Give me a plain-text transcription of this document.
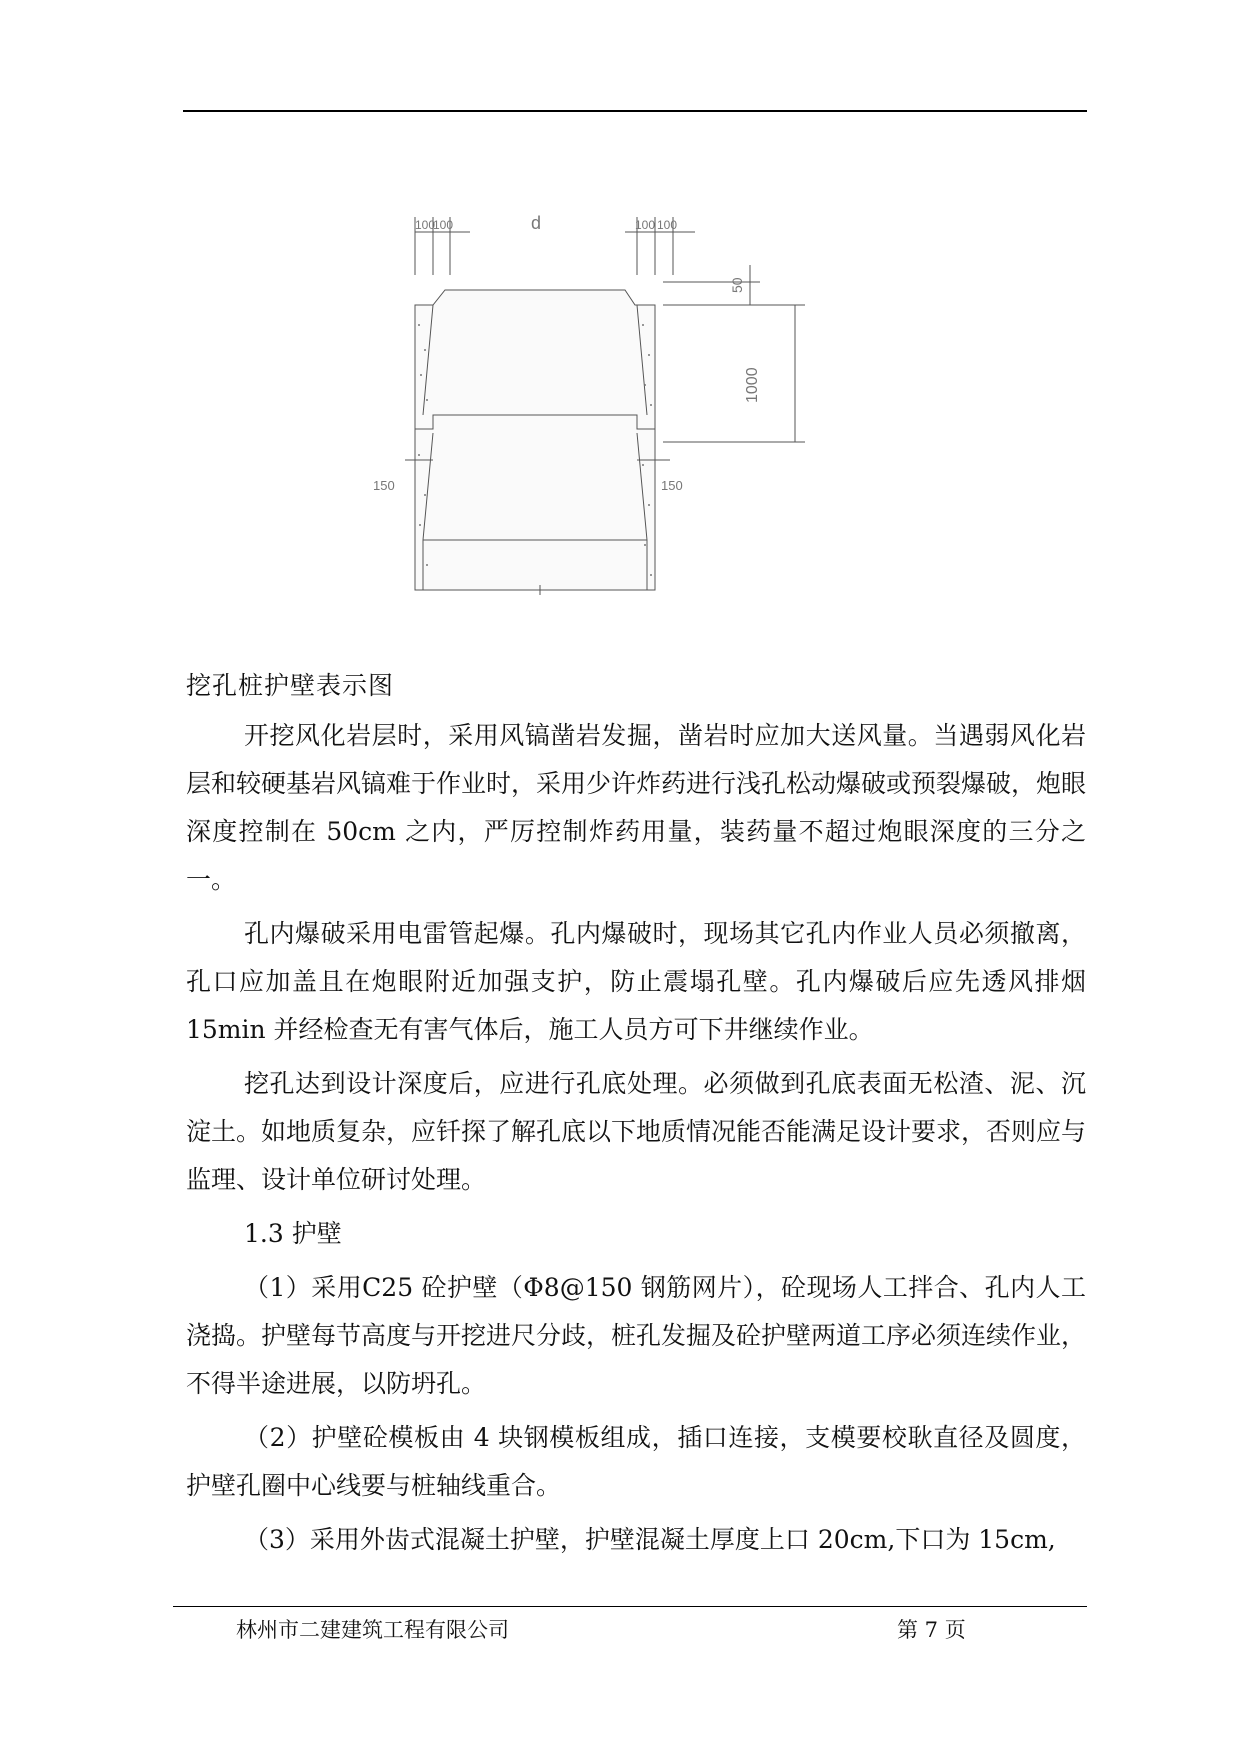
100
100	d	100 100
50
1000
150	150
挖孔桩护壁表示图

开挖风化岩层时，采用风镐凿岩发掘，凿岩时应加大送风量。当遇弱风化岩层和较硬基岩风镐难于作业时，采用少许炸药进行浅孔松动爆破或预裂爆破，炮眼深度控制在 50cm 之内，严厉控制炸药用量，装药量不超过炮眼深度的三分之一。

孔内爆破采用电雷管起爆。孔内爆破时，现场其它孔内作业人员必须撤离，孔口应加盖且在炮眼附近加强支护，防止震塌孔壁。孔内爆破后应先透风排烟 15min 并经检查无有害气体后，施工人员方可下井继续作业。

挖孔达到设计深度后，应进行孔底处理。必须做到孔底表面无松渣、泥、沉淀土。如地质复杂，应钎探了解孔底以下地质情况能否能满足设计要求，否则应与监理、设计单位研讨处理。

1.3 护壁

（1）采用C25 砼护壁（Φ8@150 钢筋网片），砼现场人工拌合、孔内人工浇捣。护壁每节高度与开挖进尺分歧，桩孔发掘及砼护壁两道工序必须连续作业，不得半途进展，以防坍孔。

（2）护壁砼模板由 4 块钢模板组成，插口连接，支模要校耿直径及圆度，护壁孔圈中心线要与桩轴线重合。

（3）采用外齿式混凝土护壁，护壁混凝土厚度上口 20cm,下口为 15cm,

林州市二建建筑工程有限公司	第 7 页
